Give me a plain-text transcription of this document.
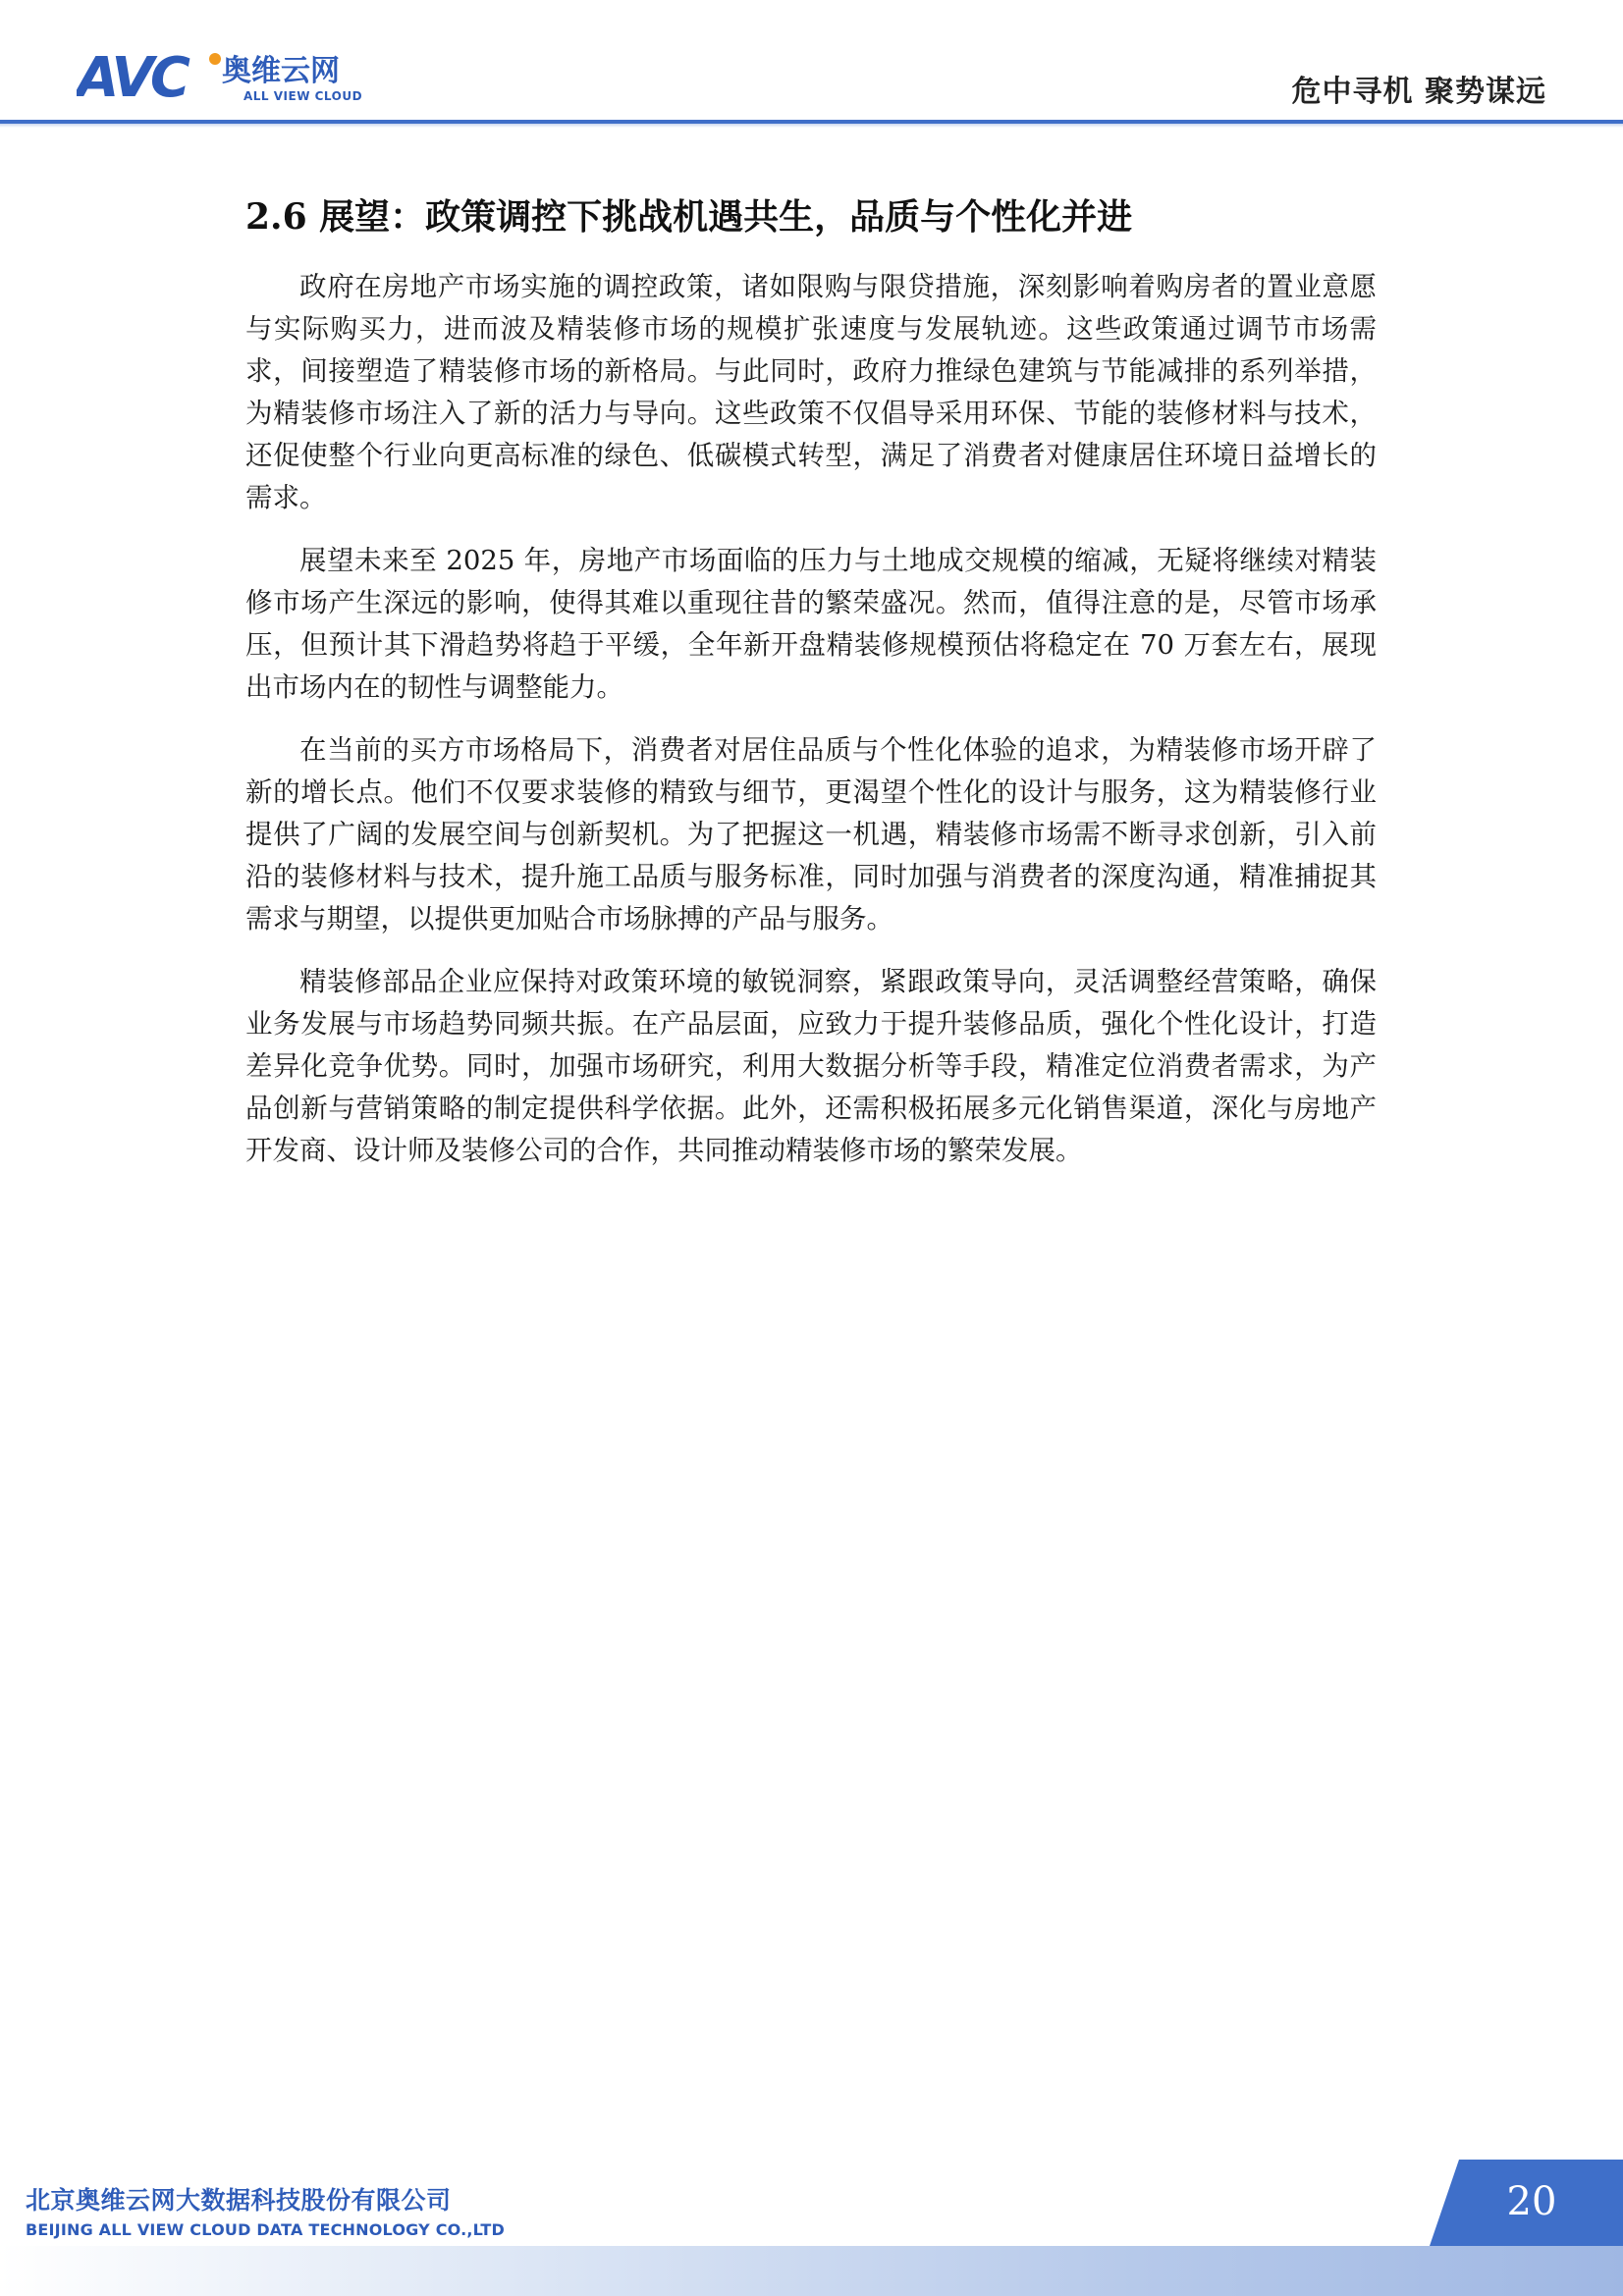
AVC 奥维云网
ALL VIEW CLOUD	危中寻机 聚势谋远
2.6 展望：政策调控下挑战机遇共生，品质与个性化并进

政府在房地产市场实施的调控政策，诸如限购与限贷措施，深刻影响着购房者的置业意愿与实际购买力，进而波及精装修市场的规模扩张速度与发展轨迹。这些政策通过调节市场需求，间接塑造了精装修市场的新格局。与此同时，政府力推绿色建筑与节能减排的系列举措，为精装修市场注入了新的活力与导向。这些政策不仅倡导采用环保、节能的装修材料与技术，还促使整个行业向更高标准的绿色、低碳模式转型，满足了消费者对健康居住环境日益增长的需求。

展望未来至 2025 年，房地产市场面临的压力与土地成交规模的缩减，无疑将继续对精装修市场产生深远的影响，使得其难以重现往昔的繁荣盛况。然而，值得注意的是，尽管市场承压，但预计其下滑趋势将趋于平缓，全年新开盘精装修规模预估将稳定在 70 万套左右，展现出市场内在的韧性与调整能力。

在当前的买方市场格局下，消费者对居住品质与个性化体验的追求，为精装修市场开辟了新的增长点。他们不仅要求装修的精致与细节，更渴望个性化的设计与服务，这为精装修行业提供了广阔的发展空间与创新契机。为了把握这一机遇，精装修市场需不断寻求创新，引入前沿的装修材料与技术，提升施工品质与服务标准，同时加强与消费者的深度沟通，精准捕捉其需求与期望，以提供更加贴合市场脉搏的产品与服务。

精装修部品企业应保持对政策环境的敏锐洞察，紧跟政策导向，灵活调整经营策略，确保业务发展与市场趋势同频共振。在产品层面，应致力于提升装修品质，强化个性化设计，打造差异化竞争优势。同时，加强市场研究，利用大数据分析等手段，精准定位消费者需求，为产品创新与营销策略的制定提供科学依据。此外，还需积极拓展多元化销售渠道，深化与房地产开发商、设计师及装修公司的合作，共同推动精装修市场的繁荣发展。

北京奥维云网大数据科技股份有限公司
BEIJING ALL VIEW CLOUD DATA TECHNOLOGY CO.,LTD
20
